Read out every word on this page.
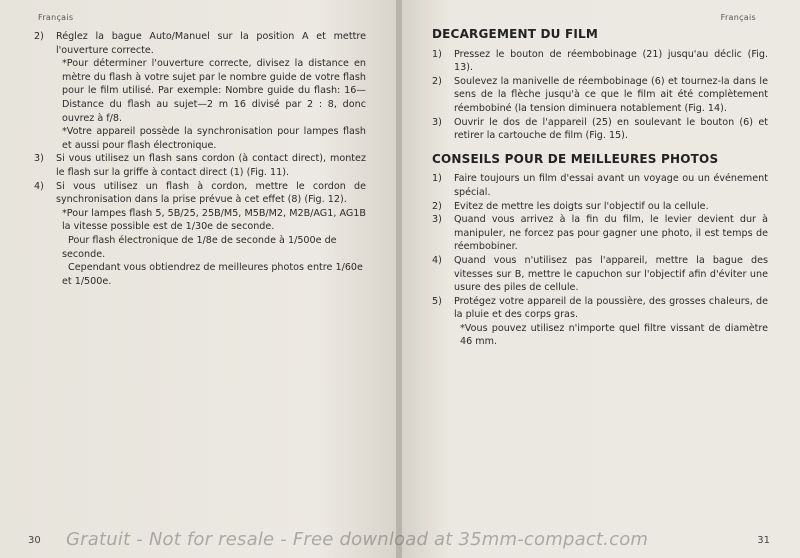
Français
2)	Réglez la bague Auto/Manuel sur la position A et mettre l'ouverture correcte.
*Pour déterminer l'ouverture correcte, divisez la distance en mètre du flash à votre sujet par le nombre guide de votre flash pour le film utilisé. Par exemple: Nombre guide du flash: 16—Distance du flash au sujet—2 m 16 divisé par 2 : 8, donc ouvrez à f/8.
*Votre appareil possède la synchronisation pour lampes flash et aussi pour flash électronique.
3)	Si vous utilisez un flash sans cordon (à contact direct), montez le flash sur la griffe à contact direct (1) (Fig. 11).
4)	Si vous utilisez un flash à cordon, mettre le cordon de synchronisation dans la prise prévue à cet effet (8) (Fig. 12).
*Pour lampes flash 5, 5B/25, 25B/M5, M5B/M2, M2B/AG1, AG1B la vitesse possible est de 1/30e de seconde.
Pour flash électronique de 1/8e de seconde à 1/500e de seconde.
Cependant vous obtiendrez de meilleures photos entre 1/60e et 1/500e.
30
Français
DECARGEMENT DU FILM
1)	Pressez le bouton de réembobinage (21) jusqu'au déclic (Fig. 13).
2)	Soulevez la manivelle de réembobinage (6) et tournez-la dans le sens de la flèche jusqu'à ce que le film ait été complètement réembobiné (la tension diminuera notablement (Fig. 14).
3)	Ouvrir le dos de l'appareil (25) en soulevant le bouton (6) et retirer la cartouche de film (Fig. 15).
CONSEILS POUR DE MEILLEURES PHOTOS
1)	Faire toujours un film d'essai avant un voyage ou un événement spécial.
2)	Evitez de mettre les doigts sur l'objectif ou la cellule.
3)	Quand vous arrivez à la fin du film, le levier devient dur à manipuler, ne forcez pas pour gagner une photo, il est temps de réembobiner.
4)	Quand vous n'utilisez pas l'appareil, mettre la bague des vitesses sur B, mettre le capuchon sur l'objectif afin d'éviter une usure des piles de cellule.
5)	Protégez votre appareil de la poussière, des grosses chaleurs, de la pluie et des corps gras.
*Vous pouvez utilisez n'importe quel filtre vissant de diamètre 46 mm.
31
Gratuit - Not for resale - Free download at 35mm-compact.com
